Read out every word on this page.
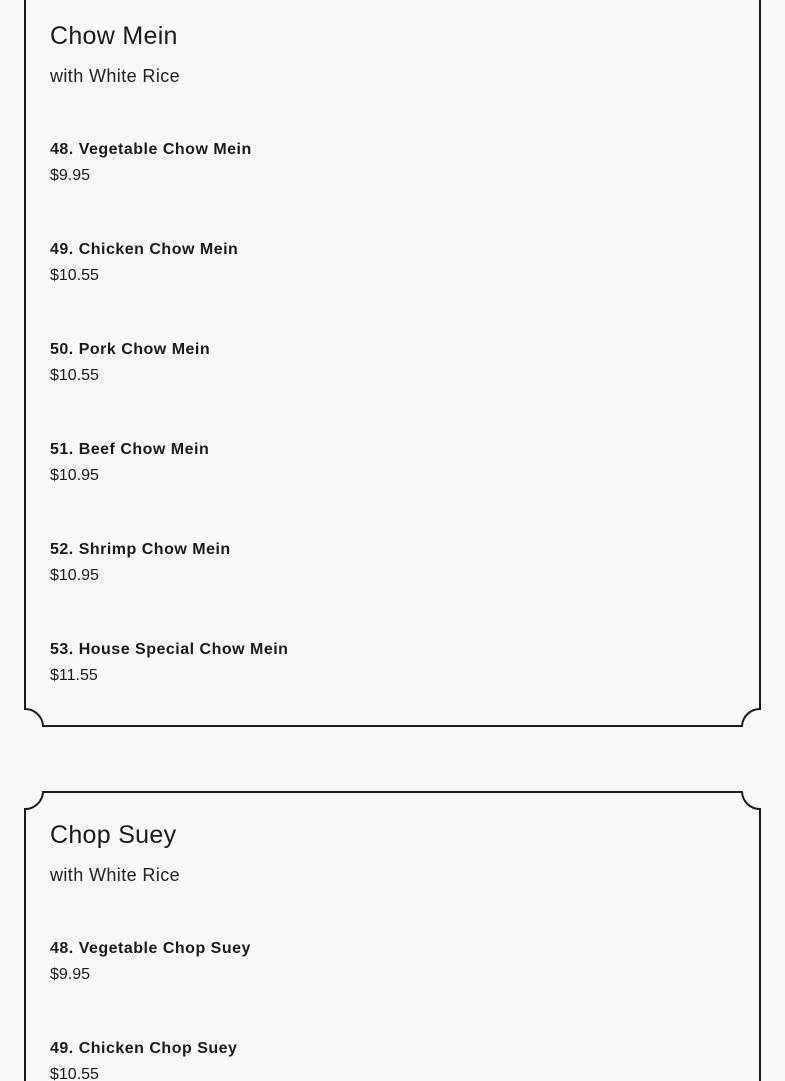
Chow Mein

with White Rice

48. Vegetable Chow Mein
$9.95
49. Chicken Chow Mein
$10.55
50. Pork Chow Mein
$10.55
51. Beef Chow Mein
$10.95
52. Shrimp Chow Mein
$10.95
53. House Special Chow Mein
$11.55
Chop Suey

with White Rice

48. Vegetable Chop Suey
$9.95
49. Chicken Chop Suey
$10.55
